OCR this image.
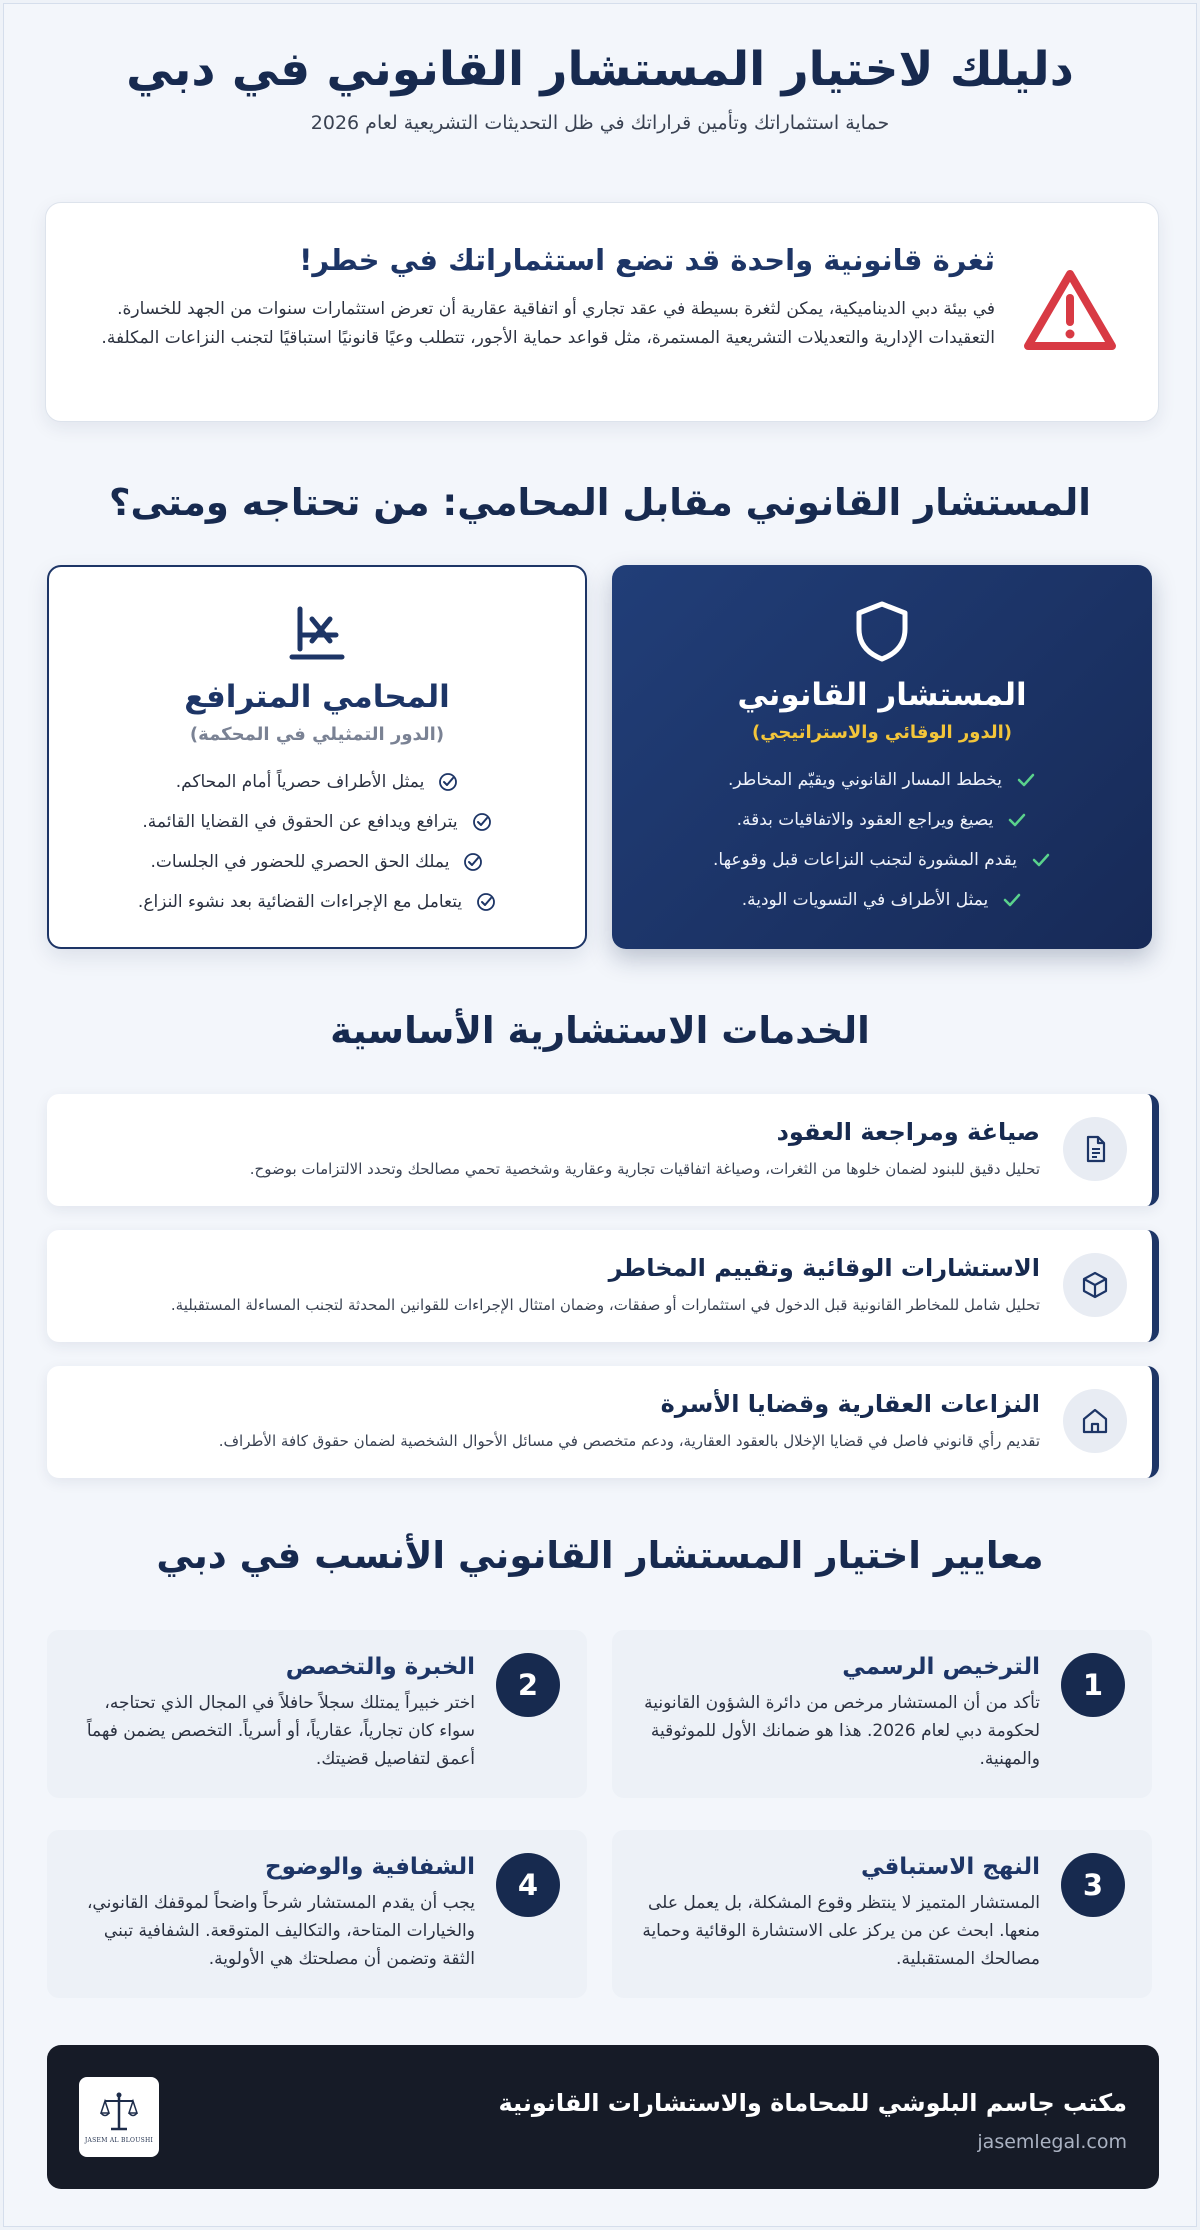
دليلك لاختيار المستشار القانوني في دبي

حماية استثماراتك وتأمين قراراتك في ظل التحديثات التشريعية لعام 2026

ثغرة قانونية واحدة قد تضع استثماراتك في خطر!

في بيئة دبي الديناميكية، يمكن لثغرة بسيطة في عقد تجاري أو اتفاقية عقارية أن تعرض استثمارات سنوات من الجهد للخسارة. التعقيدات الإدارية والتعديلات التشريعية المستمرة، مثل قواعد حماية الأجور، تتطلب وعيًا قانونيًا استباقيًا لتجنب النزاعات المكلفة.

المستشار القانوني مقابل المحامي: من تحتاجه ومتى؟
المستشار القانوني
(الدور الوقائي والاستراتيجي)
يخطط المسار القانوني ويقيّم المخاطر.
يصيغ ويراجع العقود والاتفاقيات بدقة.
يقدم المشورة لتجنب النزاعات قبل وقوعها.
يمثل الأطراف في التسويات الودية.
المحامي المترافع
(الدور التمثيلي في المحكمة)
يمثل الأطراف حصرياً أمام المحاكم.
يترافع ويدافع عن الحقوق في القضايا القائمة.
يملك الحق الحصري للحضور في الجلسات.
يتعامل مع الإجراءات القضائية بعد نشوء النزاع.
الخدمات الاستشارية الأساسية
صياغة ومراجعة العقود

تحليل دقيق للبنود لضمان خلوها من الثغرات، وصياغة اتفاقيات تجارية وعقارية وشخصية تحمي مصالحك وتحدد الالتزامات بوضوح.

الاستشارات الوقائية وتقييم المخاطر

تحليل شامل للمخاطر القانونية قبل الدخول في استثمارات أو صفقات، وضمان امتثال الإجراءات للقوانين المحدثة لتجنب المساءلة المستقبلية.

النزاعات العقارية وقضايا الأسرة

تقديم رأي قانوني فاصل في قضايا الإخلال بالعقود العقارية، ودعم متخصص في مسائل الأحوال الشخصية لضمان حقوق كافة الأطراف.

معايير اختيار المستشار القانوني الأنسب في دبي
1
الترخيص الرسمي

تأكد من أن المستشار مرخص من دائرة الشؤون القانونية لحكومة دبي لعام 2026. هذا هو ضمانك الأول للموثوقية والمهنية.

2
الخبرة والتخصص

اختر خبيراً يمتلك سجلاً حافلاً في المجال الذي تحتاجه، سواء كان تجارياً، عقارياً، أو أسرياً. التخصص يضمن فهماً أعمق لتفاصيل قضيتك.

3
النهج الاستباقي

المستشار المتميز لا ينتظر وقوع المشكلة، بل يعمل على منعها. ابحث عن من يركز على الاستشارة الوقائية وحماية مصالحك المستقبلية.

4
الشفافية والوضوح

يجب أن يقدم المستشار شرحاً واضحاً لموقفك القانوني، والخيارات المتاحة، والتكاليف المتوقعة. الشفافية تبني الثقة وتضمن أن مصلحتك هي الأولوية.

مكتب جاسم البلوشي للمحاماة والاستشارات القانونية
jasemlegal.com
JASEM AL BLOUSHI
